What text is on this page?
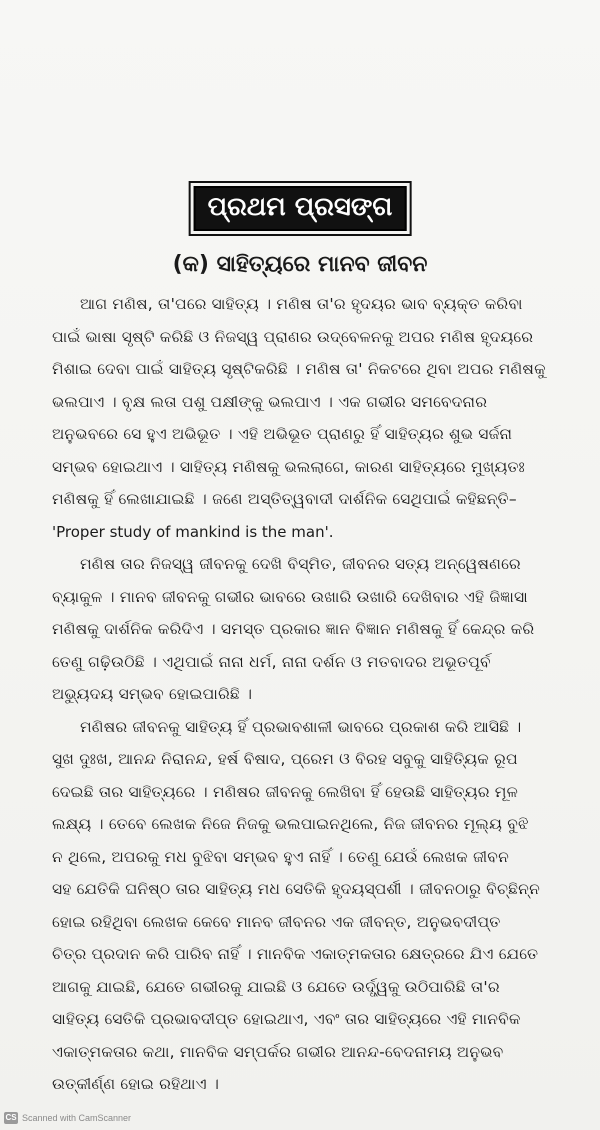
ପ୍ରଥମ ପ୍ରସଙ୍ଗ
(କ) ସାହିତ୍ୟରେ ମାନବ ଜୀବନ
ଆଗ ମଣିଷ, ତା'ପରେ ସାହିତ୍ୟ । ମଣିଷ ତା'ର ହୃଦୟର ଭାବ ବ୍ୟକ୍ତ କରିବା
ପାଇଁ ଭାଷା ସୃଷ୍ଟି କରିଛି ଓ ନିଜସ୍ୱ ପ୍ରାଣର ଉଦ୍‌ବେଳନକୁ ଅପର ମଣିଷ ହୃଦୟରେ
ମିଶାଇ ଦେବା ପାଇଁ ସାହିତ୍ୟ ସୃଷ୍ଟିକରିଛି । ମଣିଷ ତା' ନିକଟରେ ଥିବା ଅପର ମଣିଷକୁ
ଭଲପାଏ । ବୃକ୍ଷ ଲତା ପଶୁ ପକ୍ଷୀଙ୍କୁ ଭଲପାଏ । ଏକ ଗଭୀର ସମବେଦନାର
ଅନୁଭବରେ ସେ ହୁଏ ଅଭିଭୂତ । ଏହି ଅଭିଭୂତ ପ୍ରାଣରୁ ହିଁ ସାହିତ୍ୟର ଶୁଭ ସର୍ଜନା
ସମ୍ଭବ ହୋଇଥାଏ । ସାହିତ୍ୟ ମଣିଷକୁ ଭଲଲାଗେ, କାରଣ ସାହିତ୍ୟରେ ମୁଖ୍ୟତଃ
ମଣିଷକୁ ହିଁ ଲେଖାଯାଇଛି । ଜଣେ ଅସ୍ତିତ୍ୱବାଦୀ ଦାର୍ଶନିକ ସେଥିପାଇଁ କହିଛନ୍ତି–
'Proper study of mankind is the man'.
ମଣିଷ ତାର ନିଜସ୍ୱ ଜୀବନକୁ ଦେଖି ବିସ୍ମିତ, ଜୀବନର ସତ୍ୟ ଅନ୍ୱେଷଣରେ
ବ୍ୟାକୁଳ । ମାନବ ଜୀବନକୁ ଗଭୀର ଭାବରେ ଉଖାରି ଉଖାରି ଦେଖିବାର ଏହି ଜିଜ୍ଞାସା
ମଣିଷକୁ ଦାର୍ଶନିକ କରିଦିଏ । ସମସ୍ତ ପ୍ରକାର ଜ୍ଞାନ ବିଜ୍ଞାନ ମଣିଷକୁ ହିଁ କେନ୍ଦ୍ର କରି
ତେଣୁ ଗଢ଼ିଉଠିଛି । ଏଥିପାଇଁ ନାନା ଧର୍ମ, ନାନା ଦର୍ଶନ ଓ ମତବାଦର ଅଭୂତପୂର୍ବ
ଅଭ୍ୟୁଦୟ ସମ୍ଭବ ହୋଇପାରିଛି ।
ମଣିଷର ଜୀବନକୁ ସାହିତ୍ୟ ହିଁ ପ୍ରଭାବଶାଳୀ ଭାବରେ ପ୍ରକାଶ କରି ଆସିଛି ।
ସୁଖ ଦୁଃଖ, ଆନନ୍ଦ ନିରାନନ୍ଦ, ହର୍ଷ ବିଷାଦ, ପ୍ରେମ ଓ ବିରହ ସବୁକୁ ସାହିତ୍ୟିକ ରୂପ
ଦେଇଛି ତାର ସାହିତ୍ୟରେ । ମଣିଷର ଜୀବନକୁ ଲେଖିବା ହିଁ ହେଉଛି ସାହିତ୍ୟର ମୂଳ
ଲକ୍ଷ୍ୟ । ତେବେ ଲେଖକ ନିଜେ ନିଜକୁ ଭଲପାଇନଥିଲେ, ନିଜ ଜୀବନର ମୂଲ୍ୟ ବୁଝି
ନ ଥିଲେ, ଅପରକୁ ମଧ ବୁଝିବା ସମ୍ଭବ ହୁଏ ନାହିଁ । ତେଣୁ ଯେଉଁ ଲେଖକ ଜୀବନ
ସହ ଯେତିକି ଘନିଷ୍ଠ ତାର ସାହିତ୍ୟ ମଧ ସେତିକି ହୃଦୟସ୍ପର୍ଶୀ । ଜୀବନଠାରୁ ବିଚ୍ଛିନ୍ନ
ହୋଇ ରହିଥିବା ଲେଖକ କେବେ ମାନବ ଜୀବନର ଏକ ଜୀବନ୍ତ, ଅନୁଭବଦୀପ୍ତ
ଚିତ୍ର ପ୍ରଦାନ କରି ପାରିବ ନାହିଁ । ମାନବିକ ଏକାତ୍ମକତାର କ୍ଷେତ୍ରରେ ଯିଏ ଯେତେ
ଆଗକୁ ଯାଇଛି, ଯେତେ ଗଭୀରକୁ ଯାଇଛି ଓ ଯେତେ ଉର୍ଦ୍ଧ୍ୱକୁ ଉଠିପାରିଛି ତା'ର
ସାହିତ୍ୟ ସେତିକି ପ୍ରଭାବଦୀପ୍ତ ହୋଇଥାଏ, ଏବଂ ତାର ସାହିତ୍ୟରେ ଏହି ମାନବିକ
ଏକାତ୍ମକତାର କଥା, ମାନବିକ ସମ୍ପର୍କର ଗଭୀର ଆନନ୍ଦ-ବେଦନାମୟ ଅନୁଭବ
ଉତ୍କୀର୍ଣ୍ଣ ହୋଇ ରହିଥାଏ ।
CS Scanned with CamScanner
